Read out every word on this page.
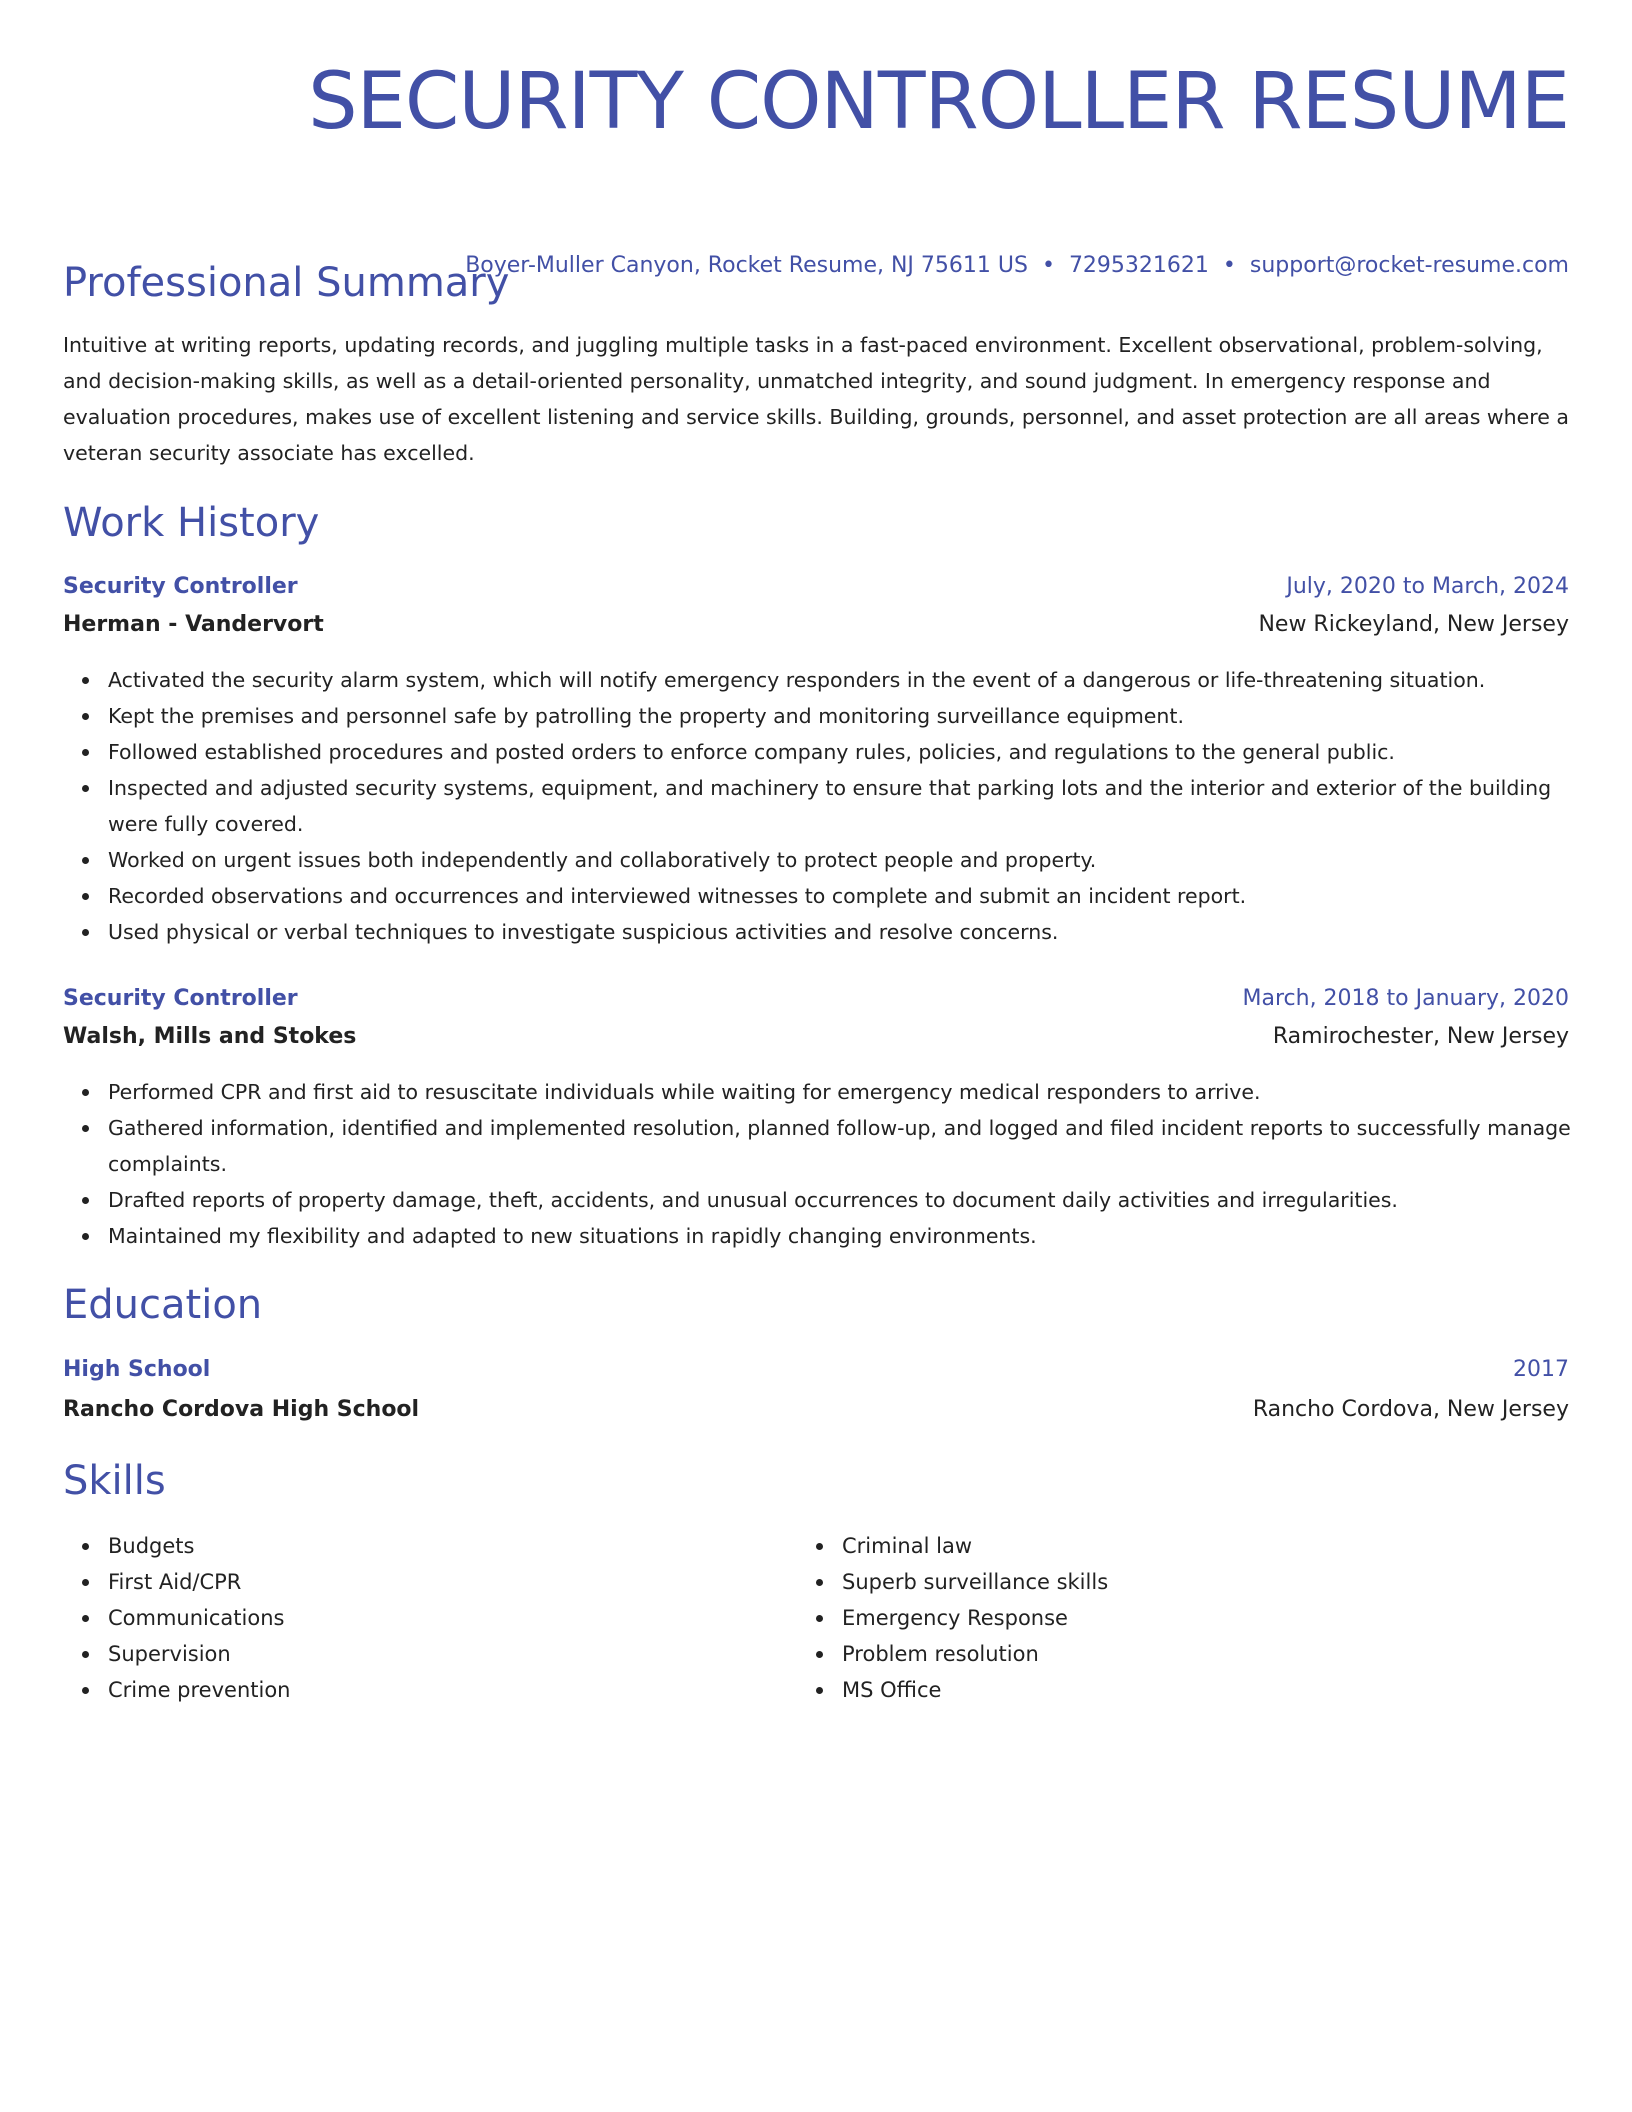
SECURITY CONTROLLER RESUME
Boyer-Muller Canyon, Rocket Resume, NJ 75611 US • 7295321621 • support@rocket-resume.com
Professional Summary

Intuitive at writing reports, updating records, and juggling multiple tasks in a fast-paced environment. Excellent observational, problem-solving, and decision-making skills, as well as a detail-oriented personality, unmatched integrity, and sound judgment. In emergency response and evaluation procedures, makes use of excellent listening and service skills. Building, grounds, personnel, and asset protection are all areas where a veteran security associate has excelled.

Work History
Security Controller	July, 2020 to March, 2024
Herman - Vandervort	New Rickeyland, New Jersey
Activated the security alarm system, which will notify emergency responders in the event of a dangerous or life-threatening situation.
Kept the premises and personnel safe by patrolling the property and monitoring surveillance equipment.
Followed established procedures and posted orders to enforce company rules, policies, and regulations to the general public.
Inspected and adjusted security systems, equipment, and machinery to ensure that parking lots and the interior and exterior of the building were fully covered.
Worked on urgent issues both independently and collaboratively to protect people and property.
Recorded observations and occurrences and interviewed witnesses to complete and submit an incident report.
Used physical or verbal techniques to investigate suspicious activities and resolve concerns.
Security Controller	March, 2018 to January, 2020
Walsh, Mills and Stokes	Ramirochester, New Jersey
Performed CPR and first aid to resuscitate individuals while waiting for emergency medical responders to arrive.
Gathered information, identified and implemented resolution, planned follow-up, and logged and filed incident reports to successfully manage complaints.
Drafted reports of property damage, theft, accidents, and unusual occurrences to document daily activities and irregularities.
Maintained my flexibility and adapted to new situations in rapidly changing environments.
Education
High School	2017
Rancho Cordova High School	Rancho Cordova, New Jersey
Skills
Budgets
First Aid/CPR
Communications
Supervision
Crime prevention
Criminal law
Superb surveillance skills
Emergency Response
Problem resolution
MS Office
